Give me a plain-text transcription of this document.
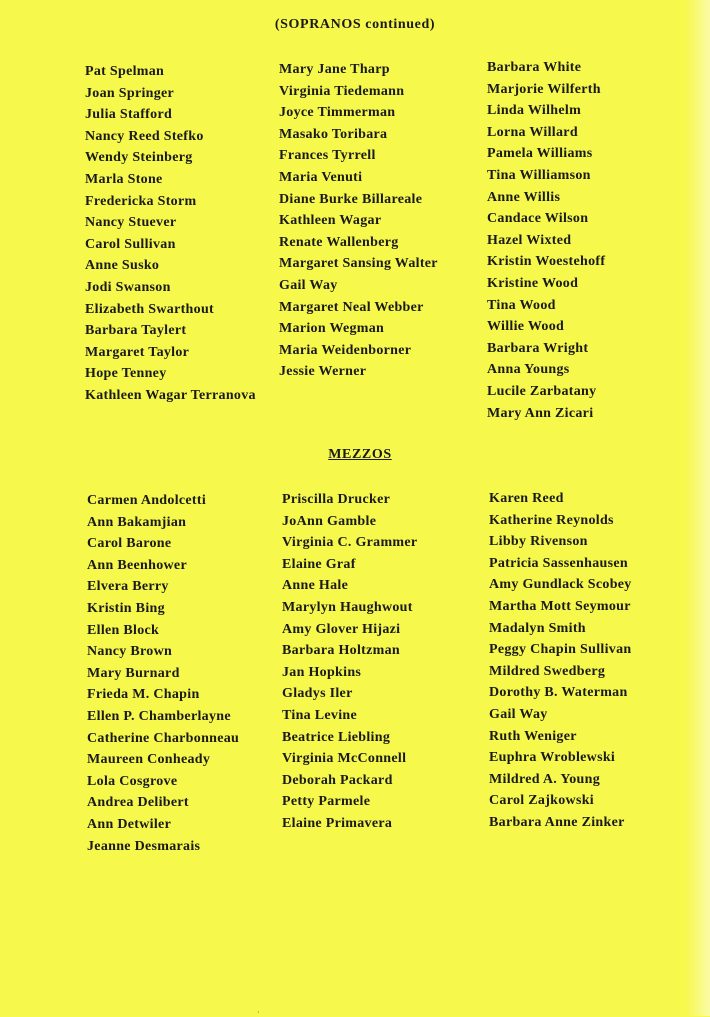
(SOPRANOS continued)
Pat Spelman
Joan Springer
Julia Stafford
Nancy Reed Stefko
Wendy Steinberg
Marla Stone
Fredericka Storm
Nancy Stuever
Carol Sullivan
Anne Susko
Jodi Swanson
Elizabeth Swarthout
Barbara Taylert
Margaret Taylor
Hope Tenney
Kathleen Wagar Terranova
Mary Jane Tharp
Virginia Tiedemann
Joyce Timmerman
Masako Toribara
Frances Tyrrell
Maria Venuti
Diane Burke Billareale
Kathleen Wagar
Renate Wallenberg
Margaret Sansing Walter
Gail Way
Margaret Neal Webber
Marion Wegman
Maria Weidenborner
Jessie Werner
Barbara White
Marjorie Wilferth
Linda Wilhelm
Lorna Willard
Pamela Williams
Tina Williamson
Anne Willis
Candace Wilson
Hazel Wixted
Kristin Woestehoff
Kristine Wood
Tina Wood
Willie Wood
Barbara Wright
Anna Youngs
Lucile Zarbatany
Mary Ann Zicari
MEZZOS
Carmen Andolcetti
Ann Bakamjian
Carol Barone
Ann Beenhower
Elvera Berry
Kristin Bing
Ellen Block
Nancy Brown
Mary Burnard
Frieda M. Chapin
Ellen P. Chamberlayne
Catherine Charbonneau
Maureen Conheady
Lola Cosgrove
Andrea Delibert
Ann Detwiler
Jeanne Desmarais
Priscilla Drucker
JoAnn Gamble
Virginia C. Grammer
Elaine Graf
Anne Hale
Marylyn Haughwout
Amy Glover Hijazi
Barbara Holtzman
Jan Hopkins
Gladys Iler
Tina Levine
Beatrice Liebling
Virginia McConnell
Deborah Packard
Petty Parmele
Elaine Primavera
Karen Reed
Katherine Reynolds
Libby Rivenson
Patricia Sassenhausen
Amy Gundlack Scobey
Martha Mott Seymour
Madalyn Smith
Peggy Chapin Sullivan
Mildred Swedberg
Dorothy B. Waterman
Gail Way
Ruth Weniger
Euphra Wroblewski
Mildred A. Young
Carol Zajkowski
Barbara Anne Zinker
·
